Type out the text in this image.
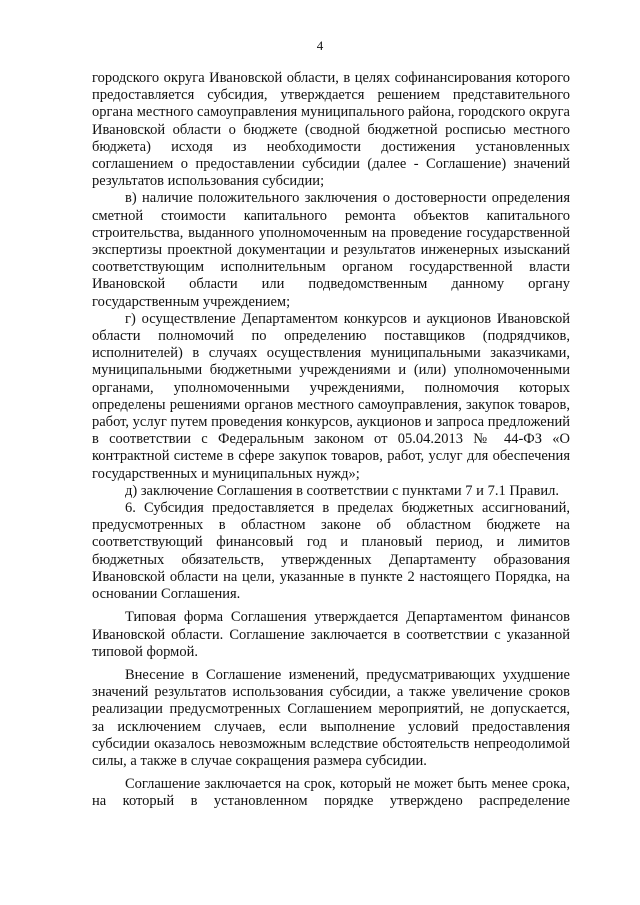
4

городского округа Ивановской области, в целях софинансирования которого предоставляется субсидия, утверждается решением представительного органа местного самоуправления муниципального района, городского округа Ивановской области о бюджете (сводной бюджетной росписью местного бюджета) исходя из необходимости достижения установленных соглашением о предоставлении субсидии (далее - Соглашение) значений результатов использования субсидии;

в) наличие положительного заключения о достоверности определения сметной стоимости капитального ремонта объектов капитального строительства, выданного уполномоченным на проведение государственной экспертизы проектной документации и результатов инженерных изысканий соответствующим исполнительным органом государственной власти Ивановской области или подведомственным данному органу государственным учреждением;

г) осуществление Департаментом конкурсов и аукционов Ивановской области полномочий по определению поставщиков (подрядчиков, исполнителей) в случаях осуществления муниципальными заказчиками, муниципальными бюджетными учреждениями и (или) уполномоченными органами, уполномоченными учреждениями, полномочия которых определены решениями органов местного самоуправления, закупок товаров, работ, услуг путем проведения конкурсов, аукционов и запроса предложений в соответствии с Федеральным законом от 05.04.2013 № 44-ФЗ «О контрактной системе в сфере закупок товаров, работ, услуг для обеспечения государственных и муниципальных нужд»;

д) заключение Соглашения в соответствии с пунктами 7 и 7.1 Правил.

6. Субсидия предоставляется в пределах бюджетных ассигнований, предусмотренных в областном законе об областном бюджете на соответствующий финансовый год и плановый период, и лимитов бюджетных обязательств, утвержденных Департаменту образования Ивановской области на цели, указанные в пункте 2 настоящего Порядка, на основании Соглашения.

Типовая форма Соглашения утверждается Департаментом финансов Ивановской области. Соглашение заключается в соответствии с указанной типовой формой.

Внесение в Соглашение изменений, предусматривающих ухудшение значений результатов использования субсидии, а также увеличение сроков реализации предусмотренных Соглашением мероприятий, не допускается, за исключением случаев, если выполнение условий предоставления субсидии оказалось невозможным вследствие обстоятельств непреодолимой силы, а также в случае сокращения размера субсидии.

Соглашение заключается на срок, который не может быть менее срока, на который в установленном порядке утверждено распределение
